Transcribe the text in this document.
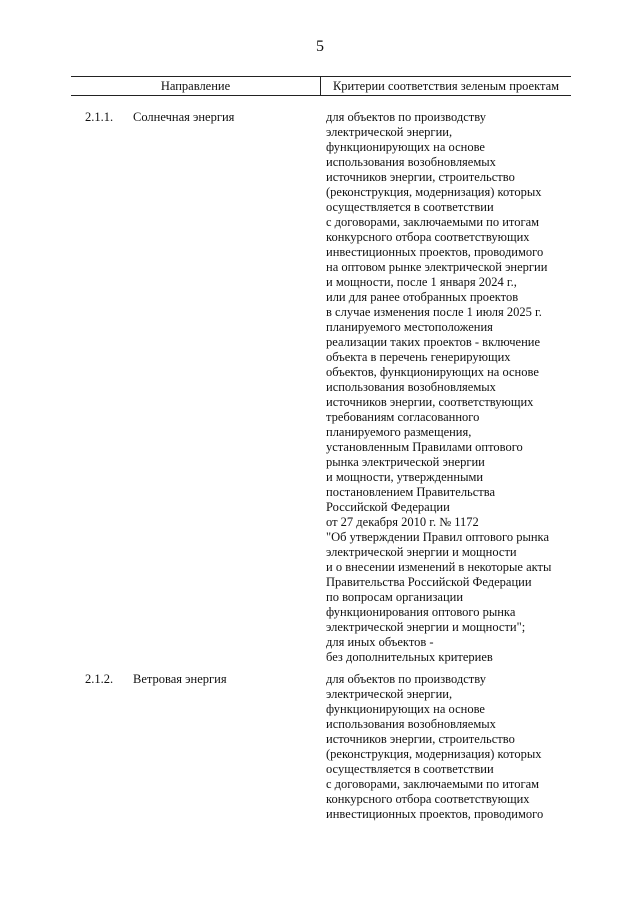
5
Направление	Критерии соответствия зеленым проектам
2.1.1. Солнечная энергия	для объектов по производству
электрической энергии,
функционирующих на основе
использования возобновляемых
источников энергии, строительство
(реконструкция, модернизация) которых
осуществляется в соответствии
с договорами, заключаемыми по итогам
конкурсного отбора соответствующих
инвестиционных проектов, проводимого
на оптовом рынке электрической энергии
и мощности, после 1 января 2024 г.,
или для ранее отобранных проектов
в случае изменения после 1 июля 2025 г.
планируемого местоположения
реализации таких проектов - включение
объекта в перечень генерирующих
объектов, функционирующих на основе
использования возобновляемых
источников энергии, соответствующих
требованиям согласованного
планируемого размещения,
установленным Правилами оптового
рынка электрической энергии
и мощности, утвержденными
постановлением Правительства
Российской Федерации
от 27 декабря 2010 г. № 1172
"Об утверждении Правил оптового рынка
электрической энергии и мощности
и о внесении изменений в некоторые акты
Правительства Российской Федерации
по вопросам организации
функционирования оптового рынка
электрической энергии и мощности";
для иных объектов -
без дополнительных критериев
2.1.2. Ветровая энергия	для объектов по производству
электрической энергии,
функционирующих на основе
использования возобновляемых
источников энергии, строительство
(реконструкция, модернизация) которых
осуществляется в соответствии
с договорами, заключаемыми по итогам
конкурсного отбора соответствующих
инвестиционных проектов, проводимого
